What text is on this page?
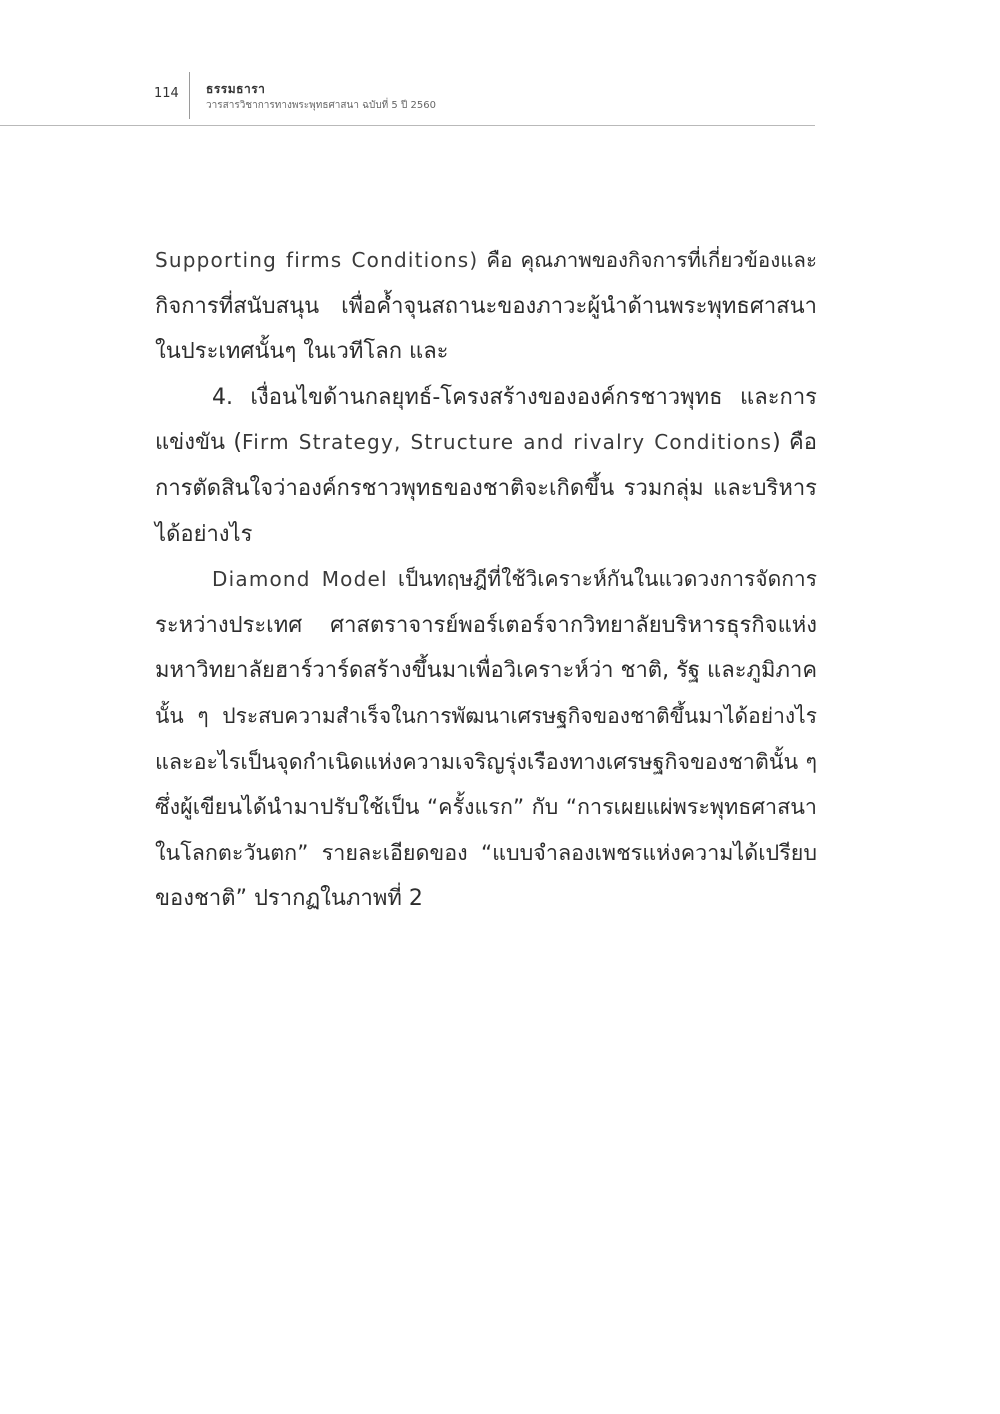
114 ธรรมธารา
วารสารวิชาการทางพระพุทธศาสนา ฉบับที่ 5 ปี 2560
Supporting firms Conditions) คือ คุณภาพของกิจการที่เกี่ยวข้องและ
กิจการที่สนับสนุน เพื่อค้ำจุนสถานะของภาวะผู้นำด้านพระพุทธศาสนา
ในประเทศนั้นๆ ในเวทีโลก และ
4. เงื่อนไขด้านกลยุทธ์-โครงสร้างขององค์กรชาวพุทธ และการ
แข่งขัน (Firm Strategy, Structure and rivalry Conditions) คือ
การตัดสินใจว่าองค์กรชาวพุทธของชาติจะเกิดขึ้น รวมกลุ่ม และบริหาร
ได้อย่างไร
Diamond Model เป็นทฤษฎีที่ใช้วิเคราะห์กันในแวดวงการจัดการ
ระหว่างประเทศ ศาสตราจารย์พอร์เตอร์จากวิทยาลัยบริหารธุรกิจแห่ง
มหาวิทยาลัยฮาร์วาร์ดสร้างขึ้นมาเพื่อวิเคราะห์ว่า ชาติ, รัฐ และภูมิภาค
นั้น ๆ ประสบความสำเร็จในการพัฒนาเศรษฐกิจของชาติขึ้นมาได้อย่างไร
และอะไรเป็นจุดกำเนิดแห่งความเจริญรุ่งเรืองทางเศรษฐกิจของชาตินั้น ๆ
ซึ่งผู้เขียนได้นำมาปรับใช้เป็น “ครั้งแรก” กับ “การเผยแผ่พระพุทธศาสนา
ในโลกตะวันตก” รายละเอียดของ “แบบจำลองเพชรแห่งความได้เปรียบ
ของชาติ” ปรากฏในภาพที่ 2
